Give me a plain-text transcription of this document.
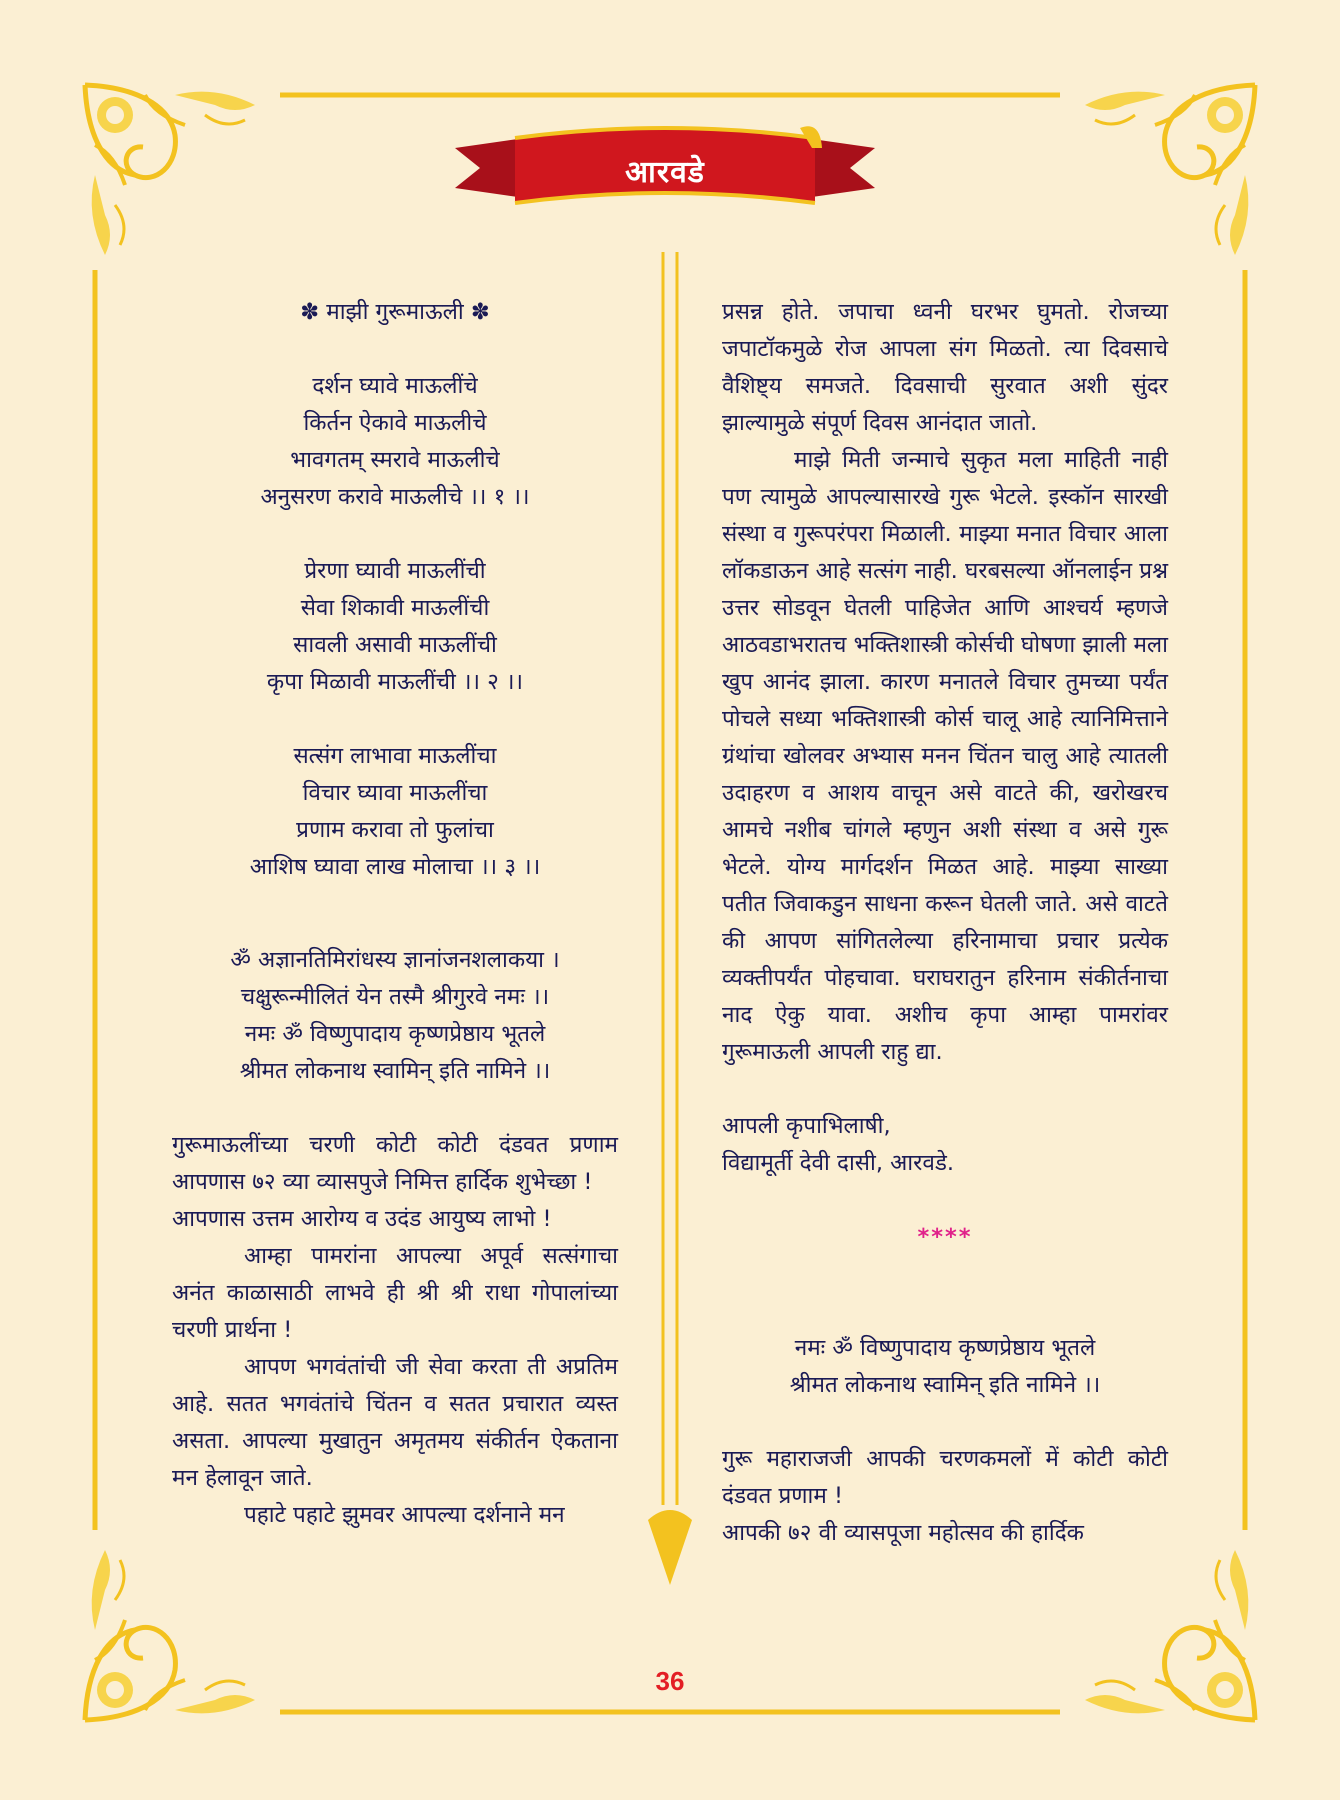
आरवडे

✽ माझी गुरूमाऊली ✽

दर्शन घ्यावे माऊलींचे

किर्तन ऐकावे माऊलीचे

भावगतम् स्मरावे माऊलीचे

अनुसरण करावे माऊलीचे ।। १ ।।

प्रेरणा घ्यावी माऊलींची

सेवा शिकावी माऊलींची

सावली असावी माऊलींची

कृपा मिळावी माऊलींची ।। २ ।।

सत्संग लाभावा माऊलींचा

विचार घ्यावा माऊलींचा

प्रणाम करावा तो फुलांचा

आशिष घ्यावा लाख मोलाचा ।। ३ ।।

ॐ अज्ञानतिमिरांधस्य ज्ञानांजनशलाकया ।

चक्षुरून्मीलितं येन तस्मै श्रीगुरवे नमः ।।

नमः ॐ विष्णुपादाय कृष्णप्रेष्ठाय भूतले

श्रीमत लोकनाथ स्वामिन् इति नामिने ।।

गुरूमाऊलींच्या चरणी कोटी कोटी दंडवत प्रणाम आपणास ७२ व्या व्यासपुजे निमित्त हार्दिक शुभेच्छा !

आपणास उत्तम आरोग्य व उदंड आयुष्य लाभो !

आम्हा पामरांना आपल्या अपूर्व सत्संगाचा अनंत काळासाठी लाभवे ही श्री श्री राधा गोपालांच्या चरणी प्रार्थना !

आपण भगवंतांची जी सेवा करता ती अप्रतिम आहे. सतत भगवंतांचे चिंतन व सतत प्रचारात व्यस्त असता. आपल्या मुखातुन अमृतमय संकीर्तन ऐकताना मन हेलावून जाते.

पहाटे पहाटे झुमवर आपल्या दर्शनाने मन

प्रसन्न होते. जपाचा ध्वनी घरभर घुमतो. रोजच्या जपाटॉकमुळे रोज आपला संग मिळतो. त्या दिवसाचे वैशिष्ट्य समजते. दिवसाची सुरवात अशी सुंदर झाल्यामुळे संपूर्ण दिवस आनंदात जातो.

माझे मिती जन्माचे सुकृत मला माहिती नाही पण त्यामुळे आपल्यासारखे गुरू भेटले. इस्कॉन सारखी संस्था व गुरूपरंपरा मिळाली. माझ्या मनात विचार आला लॉकडाऊन आहे सत्संग नाही. घरबसल्या ऑनलाईन प्रश्न उत्तर सोडवून घेतली पाहिजेत आणि आश्चर्य म्हणजे आठवडाभरातच भक्तिशास्त्री कोर्सची घोषणा झाली मला खुप आनंद झाला. कारण मनातले विचार तुमच्या पर्यंत पोचले सध्या भक्तिशास्त्री कोर्स चालू आहे त्यानिमित्ताने ग्रंथांचा खोलवर अभ्यास मनन चिंतन चालु आहे त्यातली उदाहरण व आशय वाचून असे वाटते की, खरोखरच आमचे नशीब चांगले म्हणुन अशी संस्था व असे गुरू भेटले. योग्य मार्गदर्शन मिळत आहे. माझ्या साख्या पतीत जिवाकडुन साधना करून घेतली जाते. असे वाटते की आपण सांगितलेल्या हरिनामाचा प्रचार प्रत्येक व्यक्तीपर्यंत पोहचावा. घराघरातुन हरिनाम संकीर्तनाचा नाद ऐकु यावा. अशीच कृपा आम्हा पामरांवर गुरूमाऊली आपली राहु द्या.

आपली कृपाभिलाषी,

विद्यामूर्ती देवी दासी, आरवडे.

****

नमः ॐ विष्णुपादाय कृष्णप्रेष्ठाय भूतले

श्रीमत लोकनाथ स्वामिन् इति नामिने ।।

गुरू महाराजजी आपकी चरणकमलों में कोटी कोटी दंडवत प्रणाम !

आपकी ७२ वी व्यासपूजा महोत्सव की हार्दिक

36
